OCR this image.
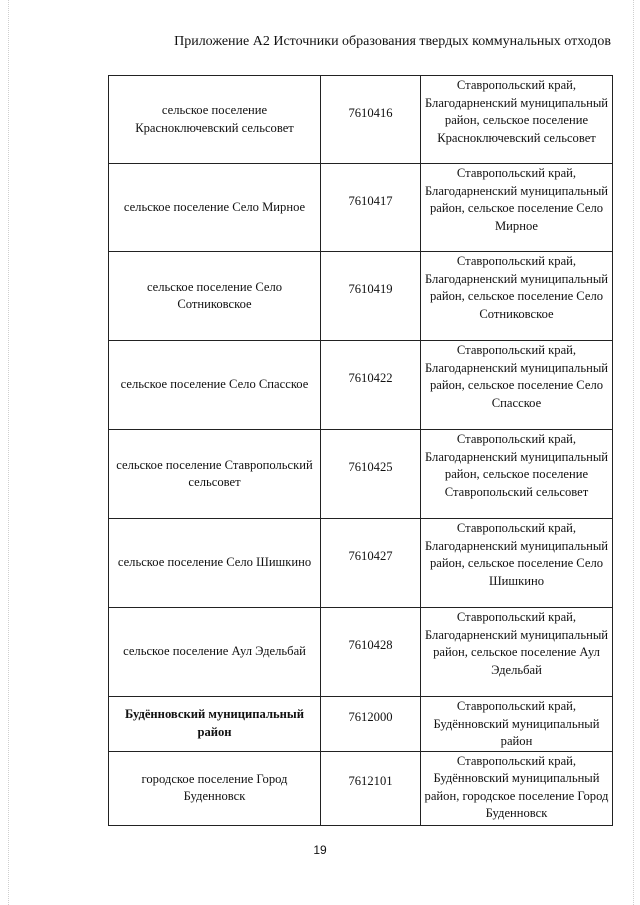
Приложение А2 Источники образования твердых коммунальных отходов
сельское поселение Красноключевский сельсовет	7610416	Ставропольский край, Благодарненский муниципальный район, сельское поселение Красноключевский сельсовет
сельское поселение Село Мирное	7610417	Ставропольский край, Благодарненский муниципальный район, сельское поселение Село Мирное
сельское поселение Село Сотниковское	7610419	Ставропольский край, Благодарненский муниципальный район, сельское поселение Село Сотниковское
сельское поселение Село Спасское	7610422	Ставропольский край, Благодарненский муниципальный район, сельское поселение Село Спасское
сельское поселение Ставропольский сельсовет	7610425	Ставропольский край, Благодарненский муниципальный район, сельское поселение Ставропольский сельсовет
сельское поселение Село Шишкино	7610427	Ставропольский край, Благодарненский муниципальный район, сельское поселение Село Шишкино
сельское поселение Аул Эдельбай	7610428	Ставропольский край, Благодарненский муниципальный район, сельское поселение Аул Эдельбай
Будённовский муниципальный район	7612000	Ставропольский край, Будённовский муниципальный район
городское поселение Город Буденновск	7612101	Ставропольский край, Будённовский муниципальный район, городское поселение Город Буденновск
19
